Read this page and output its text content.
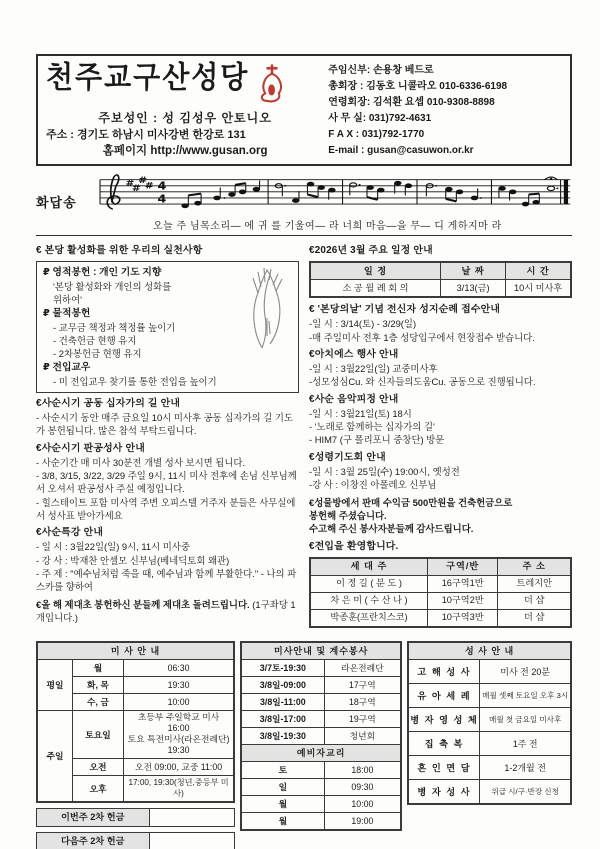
천주교구산성당
주보성인 : 성 김성우 안토니오
주소 : 경기도 하남시 미사강변 한강로 131
홈페이지 http://www.gusan.org
주임신부: 손용창 베드로
총회장 : 김동호 니콜라오 010-6336-6198
연령회장: 김석환 요셉 010-9308-8898
사 무 실: 031)792-4631
F A X : 031)792-1770
E-mail : gusan@casuwon.or.kr
화답송
#
#
#
# 4
4
오늘 주 님목소리— 에 귀 를 기울여— 라 너희 마음—을 무— 디 게하지마 라
€ 본당 활성화를 위한 우리의 실천사항
₽ 영적봉헌 : 개인 기도 지향
'본당 활성화와 개인의 성화를
위하여'
₽ 물적봉헌
- 교무금 책정과 책정률 높이기
- 건축헌금 현행 유지
- 2차봉헌금 현행 유지
₽ 전입교우
- 미 전입교우 찾기를 통한 전입을 높이기
€사순시기 공동 십자가의 길 안내
- 사순시기 동안 매주 금요일 10시 미사후 공동 십자가의 길 기도가 봉헌됩니다. 많은 참석 부탁드립니다.
€사순시기 판공성사 안내
- 사순기간 매 미사 30분전 개별 성사 보시면 됩니다.
- 3/8, 3/15, 3/22, 3/29 주일 9시, 11시 미사 전후에 손님 신부님께서 오셔서 판공성사 주실 예정입니다.
- 힐스테이트 포함 미사역 주변 오피스텔 거주자 분들은 사무실에서 성사표 받아가세요
€사순특강 안내
- 일 시 : 3월22일(일) 9시, 11시 미사중
- 강 사 : 박재찬 안셀모 신부님(베네딕토회 왜관)
- 주 제 : "예수님처럼 죽을 때, 예수님과 함께 부활한다." - 나의 파스카를 향하여
€올 해 제대초 봉헌하신 분들께 제대초 돌려드립니다. (1구좌당 1개입니다.)
€2026년 3월 주요 일정 안내
일 정	날 짜	시 간
소 공 월 례 회 의	3/13(금)	10시 미사후
€ '본당의날' 기념 전신자 성지순례 접수안내
-일 시 : 3/14(토) - 3/29(일)
-매 주일미사 전후 1층 성당입구에서 현장접수 받습니다.
€아치에스 행사 안내
-일 시 : 3월22일(일) 교중미사후
-성모성심Cu. 와 신자들의도움Cu. 공동으로 진행됩니다.
€사순 음악피정 안내
-일 시 : 3월21일(토) 18시
- '노래로 함께하는 십자가의 길'
- HIM7 (구 폴리포니 중창단) 방문
€성령기도회 안내
-일 시 : 3월 25일(수) 19:00시, 옛성전
-강 사 : 이창진 아폴레오 신부님
€성물방에서 판매 수익금 500만원을 건축헌금으로
봉헌해 주셨습니다.
수고해 주신 봉사자분들께 감사드립니다.
€전입을 환영합니다.
세 대 주	구역/반	주 소
이 정 길 ( 분 도 )	16구역1반	트레지안
차 은 미 ( 수 산 나 )	10구역2반	더 샵
박종훈(프란치스코)	10구역3반	더 샵
미 사 안 내		
평일	월	06:30
	화, 목	19:30
	수, 금	10:00
주일	토요일	초등부 주일학교 미사 16:00
토요 특전미사(라온전례단) 19:30

	오전	오전 09:00, 교중 11:00
	오후	17:00, 19:30(청년,중등부 미사)
이번주 2차 헌금
다음주 2차 헌금
미사안내 및 계수봉사	
3/7토-19:30	라온전례단
3/8일-09:00	17구역
3/8일-11:00	18구역
3/8일-17:00	19구역
3/8일-19:30	청년회
예비자교리	
토	18:00
일	09:30
월	10:00
월	19:00
성 사 안 내	
고 해 성 사	미사 전 20분
유 아 세 례	매월 셋째 토요일 오후 3시
병 자 영 성 체	매월 첫 금요일 미사후
집 축 복	1주 전
혼 인 면 담	1-2개월 전
병 자 성 사	위급 시/구·반장 신청
